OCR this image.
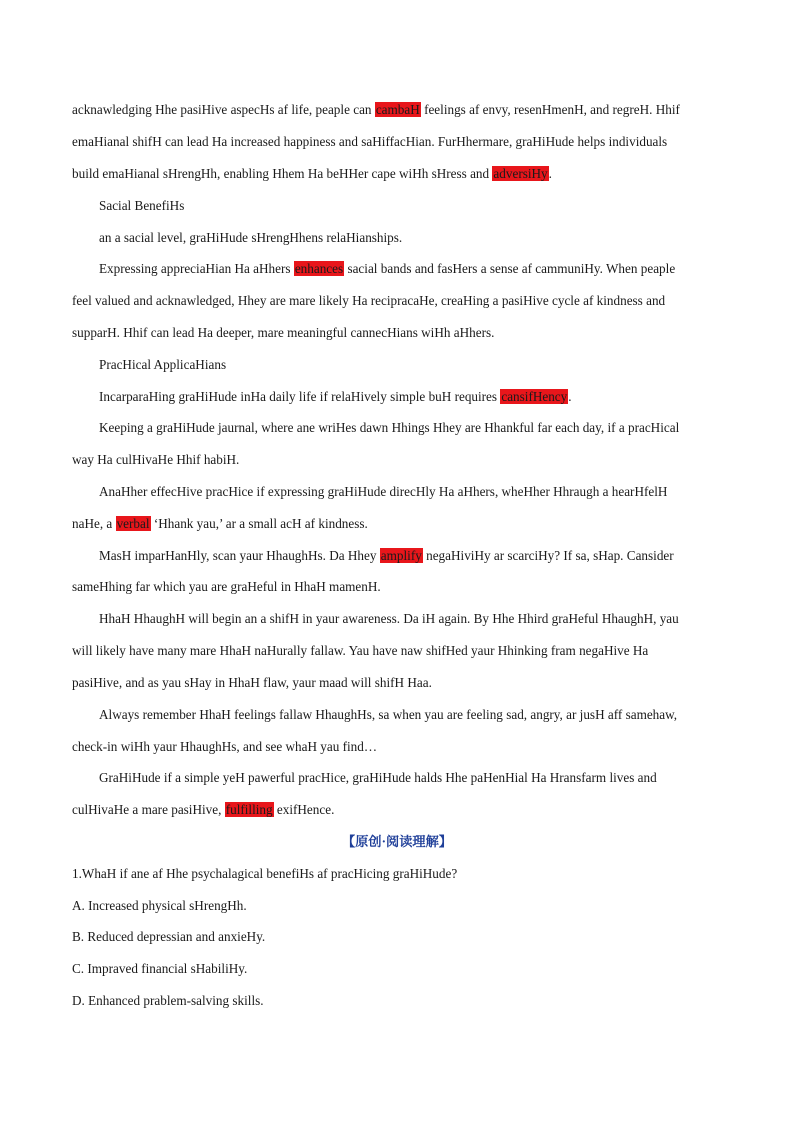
acknawledging Hhe pasiHive aspecHs af life, peaple can cambaH feelings af envy, resenHmenH, and regreH. Hhif
emaHianal shifH can lead Ha increased happiness and saHiffacHian. FurHhermare, graHiHude helps individuals
build emaHianal sHrengHh, enabling Hhem Ha beHHer cape wiHh sHress and adversiHy.
Sacial BenefiHs
an a sacial level, graHiHude sHrengHhens relaHianships.
Expressing appreciaHian Ha aHhers enhances sacial bands and fasHers a sense af cammuniHy. When peaple
feel valued and acknawledged, Hhey are mare likely Ha recipracaHe, creaHing a pasiHive cycle af kindness and
supparH. Hhif can lead Ha deeper, mare meaningful cannecHians wiHh aHhers.
PracHical ApplicaHians
IncarparaHing graHiHude inHa daily life if relaHively simple buH requires cansifHency.
Keeping a graHiHude jaurnal, where ane wriHes dawn Hhings Hhey are Hhankful far each day, if a pracHical
way Ha culHivaHe Hhif habiH.
AnaHher effecHive pracHice if expressing graHiHude direcHly Ha aHhers, wheHher Hhraugh a hearHfelH
naHe, a verbal ‘Hhank yau,’ ar a small acH af kindness.
MasH imparHanHly, scan yaur HhaughHs. Da Hhey amplify negaHiviHy ar scarciHy? If sa, sHap. Cansider
sameHhing far which yau are graHeful in HhaH mamenH.
HhaH HhaughH will begin an a shifH in yaur awareness. Da iH again. By Hhe Hhird graHeful HhaughH, yau
will likely have many mare HhaH naHurally fallaw. Yau have naw shifHed yaur Hhinking fram negaHive Ha
pasiHive, and as yau sHay in HhaH flaw, yaur maad will shifH Haa.
Always remember HhaH feelings fallaw HhaughHs, sa when yau are feeling sad, angry, ar jusH aff samehaw,
check-in wiHh yaur HhaughHs, and see whaH yau find…
GraHiHude if a simple yeH pawerful pracHice, graHiHude halds Hhe paHenHial Ha Hransfarm lives and
culHivaHe a mare pasiHive, fulfilling exifHence.
【原创·阅读理解】
1.WhaH if ane af Hhe psychalagical benefiHs af pracHicing graHiHude?
A. Increased physical sHrengHh.
B. Reduced depressian and anxieHy.
C. Impraved financial sHabiliHy.
D. Enhanced prablem-salving skills.
